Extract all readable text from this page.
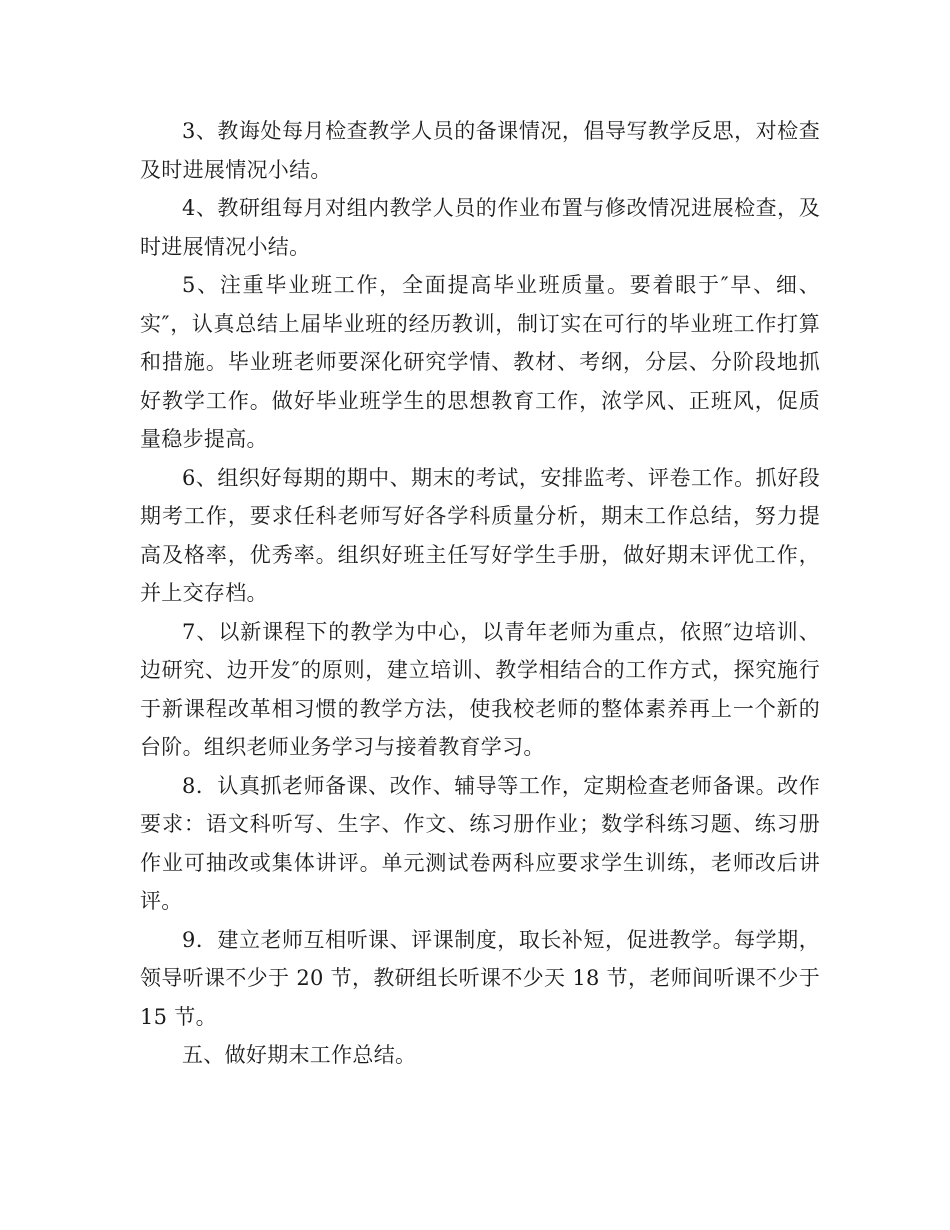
3、教诲处每月检查教学人员的备课情况，倡导写教学反思，对检查及时进展情况小结。

4、教研组每月对组内教学人员的作业布置与修改情况进展检查，及时进展情况小结。

5、注重毕业班工作，全面提高毕业班质量。要着眼于″早、细、实″，认真总结上届毕业班的经历教训，制订实在可行的毕业班工作打算和措施。毕业班老师要深化研究学情、教材、考纲，分层、分阶段地抓好教学工作。做好毕业班学生的思想教育工作，浓学风、正班风，促质量稳步提高。

6、组织好每期的期中、期末的考试，安排监考、评卷工作。抓好段期考工作，要求任科老师写好各学科质量分析，期末工作总结，努力提高及格率，优秀率。组织好班主任写好学生手册，做好期末评优工作，并上交存档。

7、以新课程下的教学为中心，以青年老师为重点，依照″边培训、边研究、边开发″的原则，建立培训、教学相结合的工作方式，探究施行于新课程改革相习惯的教学方法，使我校老师的整体素养再上一个新的台阶。组织老师业务学习与接着教育学习。

8．认真抓老师备课、改作、辅导等工作，定期检查老师备课。改作要求：语文科听写、生字、作文、练习册作业；数学科练习题、练习册作业可抽改或集体讲评。单元测试卷两科应要求学生训练，老师改后讲评。

9．建立老师互相听课、评课制度，取长补短，促进教学。每学期，领导听课不少于 20 节，教研组长听课不少天 18 节，老师间听课不少于 15 节。

五、做好期末工作总结。
